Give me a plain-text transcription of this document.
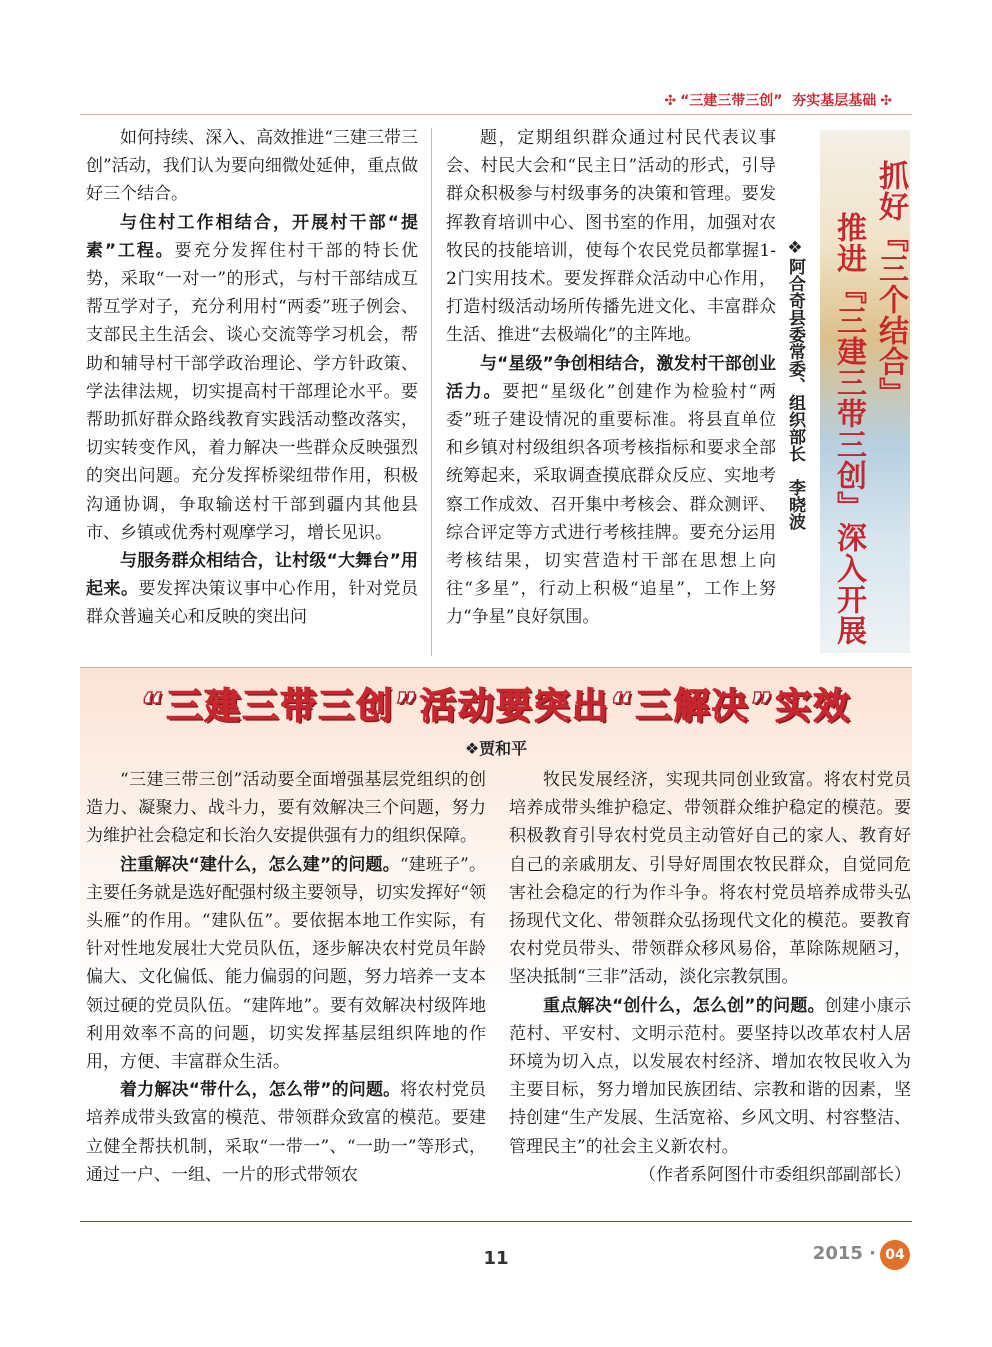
✣ “三建三带三创” 夯实基层基础 ✣

如何持续、深入、高效推进“三建三带三创”活动，我们认为要向细微处延伸，重点做好三个结合。

与住村工作相结合，开展村干部“提素”工程。要充分发挥住村干部的特长优势，采取“一对一”的形式，与村干部结成互帮互学对子，充分利用村“两委”班子例会、支部民主生活会、谈心交流等学习机会，帮助和辅导村干部学政治理论、学方针政策、学法律法规，切实提高村干部理论水平。要帮助抓好群众路线教育实践活动整改落实，切实转变作风，着力解决一些群众反映强烈的突出问题。充分发挥桥梁纽带作用，积极沟通协调，争取输送村干部到疆内其他县市、乡镇或优秀村观摩学习，增长见识。

与服务群众相结合，让村级“大舞台”用起来。要发挥决策议事中心作用，针对党员群众普遍关心和反映的突出问

题，定期组织群众通过村民代表议事会、村民大会和“民主日”活动的形式，引导群众积极参与村级事务的决策和管理。要发挥教育培训中心、图书室的作用，加强对农牧民的技能培训，使每个农民党员都掌握1-2门实用技术。要发挥群众活动中心作用，打造村级活动场所传播先进文化、丰富群众生活、推进“去极端化”的主阵地。

与“星级”争创相结合，激发村干部创业活力。要把“星级化”创建作为检验村“两委”班子建设情况的重要标准。将县直单位和乡镇对村级组织各项考核指标和要求全部统筹起来，采取调查摸底群众反应、实地考察工作成效、召开集中考核会、群众测评、综合评定等方式进行考核挂牌。要充分运用考核结果，切实营造村干部在思想上向往“多星”，行动上积极“追星”，工作上努力“争星”良好氛围。

❖阿合奇县委常委、组织部长　李晓波 抓好『三个结合』
推进『三建三带三创』深入开展
“三建三带三创”活动要突出“三解决”实效
❖贾和平

“三建三带三创”活动要全面增强基层党组织的创造力、凝聚力、战斗力，要有效解决三个问题，努力为维护社会稳定和长治久安提供强有力的组织保障。

注重解决“建什么，怎么建”的问题。“建班子”。主要任务就是选好配强村级主要领导，切实发挥好“领头雁”的作用。“建队伍”。要依据本地工作实际，有针对性地发展壮大党员队伍，逐步解决农村党员年龄偏大、文化偏低、能力偏弱的问题，努力培养一支本领过硬的党员队伍。“建阵地”。要有效解决村级阵地利用效率不高的问题，切实发挥基层组织阵地的作用，方便、丰富群众生活。

着力解决“带什么，怎么带”的问题。将农村党员培养成带头致富的模范、带领群众致富的模范。要建立健全帮扶机制，采取“一带一”、“一助一”等形式，通过一户、一组、一片的形式带领农

牧民发展经济，实现共同创业致富。将农村党员培养成带头维护稳定、带领群众维护稳定的模范。要积极教育引导农村党员主动管好自己的家人、教育好自己的亲戚朋友、引导好周围农牧民群众，自觉同危害社会稳定的行为作斗争。将农村党员培养成带头弘扬现代文化、带领群众弘扬现代文化的模范。要教育农村党员带头、带领群众移风易俗，革除陈规陋习，坚决抵制“三非”活动，淡化宗教氛围。

重点解决“创什么，怎么创”的问题。创建小康示范村、平安村、文明示范村。要坚持以改革农村人居环境为切入点，以发展农村经济、增加农牧民收入为主要目标，努力增加民族团结、宗教和谐的因素，坚持创建“生产发展、生活宽裕、乡风文明、村容整洁、管理民主”的社会主义新农村。

（作者系阿图什市委组织部副部长）
11	2015 · 04
